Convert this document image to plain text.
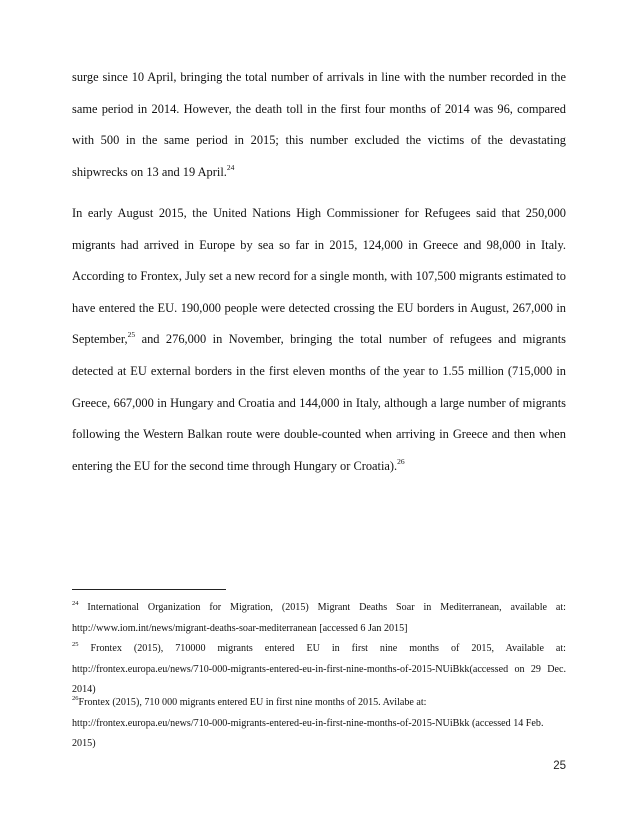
surge since 10 April, bringing the total number of arrivals in line with the number recorded in the same period in 2014. However, the death toll in the first four months of 2014 was 96, compared with 500 in the same period in 2015; this number excluded the victims of the devastating shipwrecks on 13 and 19 April.$^{24}$

In early August 2015, the United Nations High Commissioner for Refugees said that 250,000 migrants had arrived in Europe by sea so far in 2015, 124,000 in Greece and 98,000 in Italy. According to Frontex, July set a new record for a single month, with 107,500 migrants estimated to have entered the EU. 190,000 people were detected crossing the EU borders in August, 267,000 in September,$^{25}$ and 276,000 in November, bringing the total number of refugees and migrants detected at EU external borders in the first eleven months of the year to 1.55 million (715,000 in Greece, 667,000 in Hungary and Croatia and 144,000 in Italy, although a large number of migrants following the Western Balkan route were double-counted when arriving in Greece and then when entering the EU for the second time through Hungary or Croatia).$^{26}$

$^{24}$ International Organization for Migration, (2015) Migrant Deaths Soar in Mediterranean, available at: http://www.iom.int/news/migrant-deaths-soar-mediterranean [accessed 6 Jan 2015]

$^{25}$ Frontex (2015), 710000 migrants entered EU in first nine months of 2015, Available at: http://frontex.europa.eu/news/710-000-migrants-entered-eu-in-first-nine-months-of-2015-NUiBkk(accessed on 29 Dec. 2014)

$^{26}$Frontex (2015), 710 000 migrants entered EU in first nine months of 2015. Avilabe at: http://frontex.europa.eu/news/710-000-migrants-entered-eu-in-first-nine-months-of-2015-NUiBkk (accessed 14 Feb. 2015)

25
